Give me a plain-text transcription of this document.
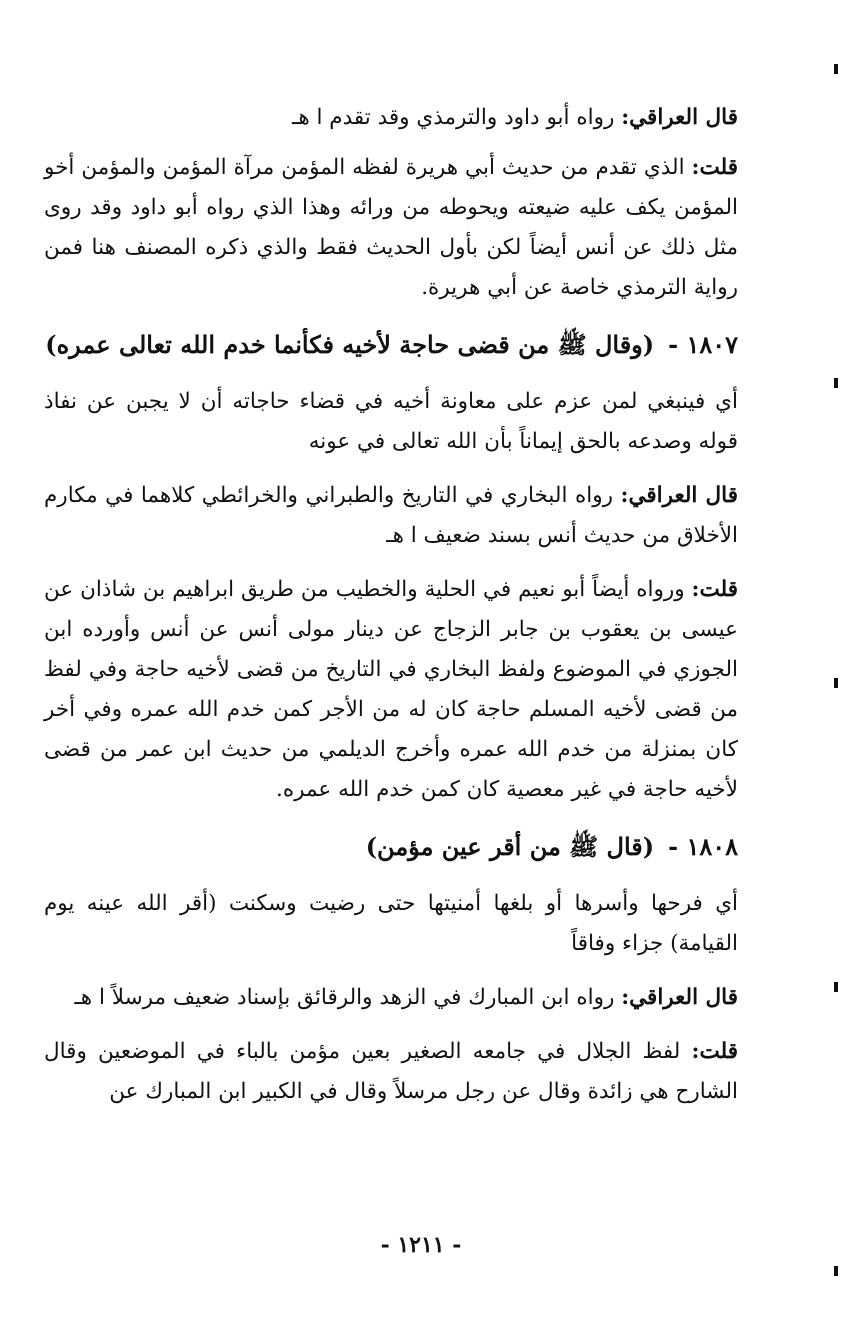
قال العراقي: رواه أبو داود والترمذي وقد تقدم ا هـ

قلت: الذي تقدم من حديث أبي هريرة لفظه المؤمن مرآة المؤمن والمؤمن أخو المؤمن يكف عليه ضيعته ويحوطه من ورائه وهذا الذي رواه أبو داود وقد روى مثل ذلك عن أنس أيضاً لكن بأول الحديث فقط والذي ذكره المصنف هنا فمن رواية الترمذي خاصة عن أبي هريرة.

١٨٠٧ -(وقال ﷺ من قضى حاجة لأخيه فكأنما خدم الله تعالى عمره)

أي فينبغي لمن عزم على معاونة أخيه في قضاء حاجاته أن لا يجبن عن نفاذ قوله وصدعه بالحق إيماناً بأن الله تعالى في عونه

قال العراقي: رواه البخاري في التاريخ والطبراني والخرائطي كلاهما في مكارم الأخلاق من حديث أنس بسند ضعيف ا هـ

قلت: ورواه أيضاً أبو نعيم في الحلية والخطيب من طريق ابراهيم بن شاذان عن عيسى بن يعقوب بن جابر الزجاج عن دينار مولى أنس عن أنس وأورده ابن الجوزي في الموضوع ولفظ البخاري في التاريخ من قضى لأخيه حاجة وفي لفظ من قضى لأخيه المسلم حاجة كان له من الأجر كمن خدم الله عمره وفي أخر كان بمنزلة من خدم الله عمره وأخرج الديلمي من حديث ابن عمر من قضى لأخيه حاجة في غير معصية كان كمن خدم الله عمره.

١٨٠٨ -(قال ﷺ من أقر عين مؤمن)

أي فرحها وأسرها أو بلغها أمنيتها حتى رضيت وسكنت (أقر الله عينه يوم القيامة) جزاء وفاقاً

قال العراقي: رواه ابن المبارك في الزهد والرقائق بإسناد ضعيف مرسلاً ا هـ

قلت: لفظ الجلال في جامعه الصغير بعين مؤمن بالباء في الموضعين وقال الشارح هي زائدة وقال عن رجل مرسلاً وقال في الكبير ابن المبارك عن

- ١٢١١ -
